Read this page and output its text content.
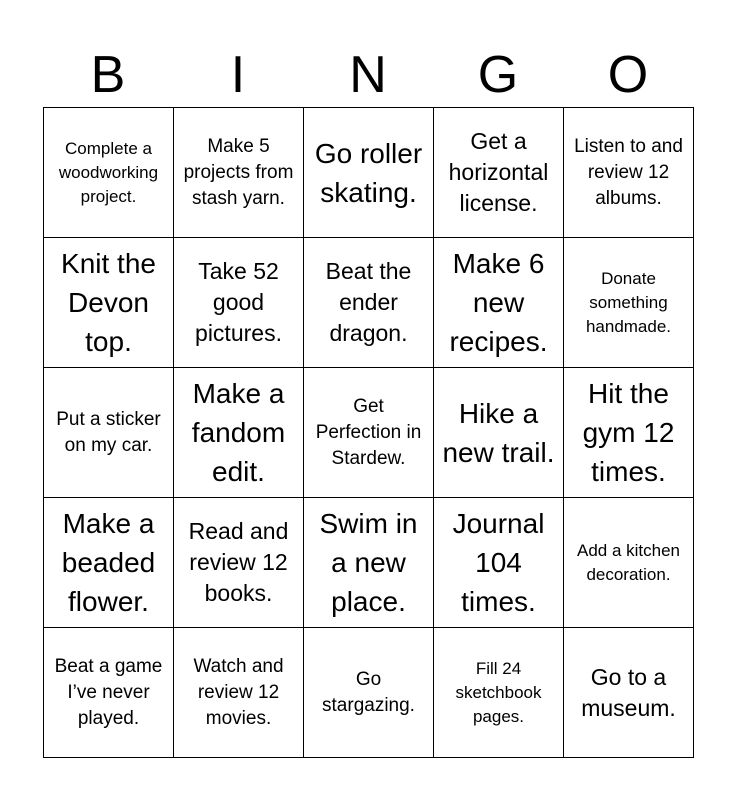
B	I	N	G	O
Complete a woodworking project.	Make 5 projects from stash yarn.	Go roller skating.	Get a horizontal license.	Listen to and review 12 albums.

Knit the Devon top.	Take 52 good pictures.	Beat the ender dragon.	Make 6 new recipes.	Donate something handmade.

Put a sticker on my car.	Make a fandom edit.	Get Perfection in Stardew.	Hike a new trail.	Hit the gym 12 times.

Make a beaded flower.	Read and review 12 books.	Swim in a new place.	Journal 104 times.	Add a kitchen decoration.

Beat a game I’ve never played.	Watch and review 12 movies.	Go stargazing.	Fill 24 sketchbook pages.	Go to a museum.
